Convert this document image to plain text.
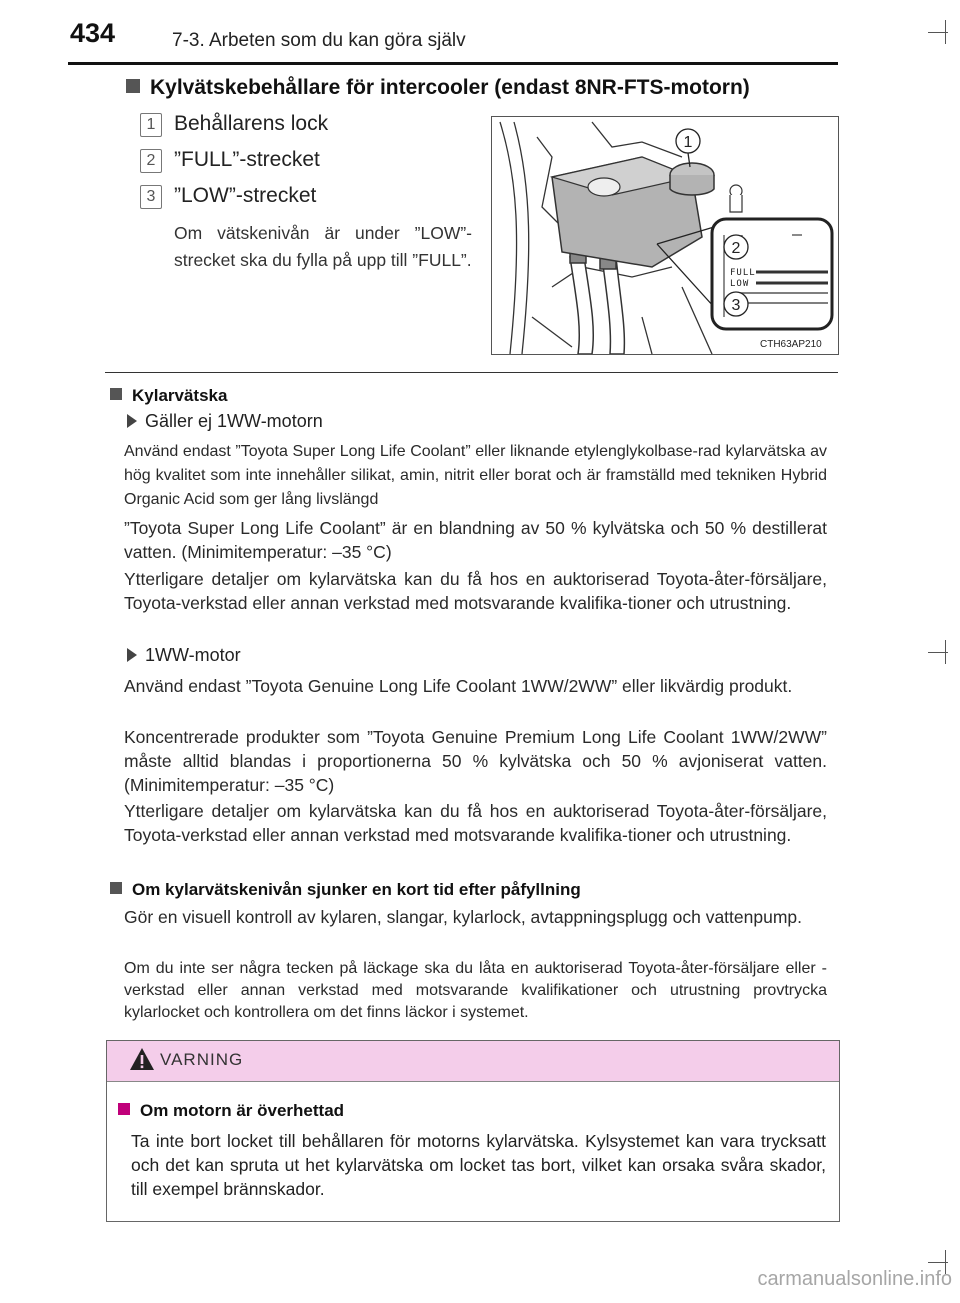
434	7-3. Arbeten som du kan göra själv
Kylvätskebehållare för intercooler (endast 8NR-FTS-motorn)
1 Behållarens lock
2 ”FULL”-strecket
3 ”LOW”-strecket
Om vätskenivån är under ”LOW”-strecket ska du fylla på upp till ”FULL”.
FULL
LOW
1
2
3
CTH63AP210
Kylarvätska
Gäller ej 1WW-motorn
Använd endast ”Toyota Super Long Life Coolant” eller liknande etylenglykolbase-rad kylarvätska av hög kvalitet som inte innehåller silikat, amin, nitrit eller borat och är framställd med tekniken Hybrid Organic Acid som ger lång livslängd
”Toyota Super Long Life Coolant” är en blandning av 50 % kylvätska och 50 % destillerat vatten. (Minimitemperatur: –35 °C)
Ytterligare detaljer om kylarvätska kan du få hos en auktoriserad Toyota-åter-försäljare, Toyota-verkstad eller annan verkstad med motsvarande kvalifika-tioner och utrustning.
1WW-motor
Använd endast ”Toyota Genuine Long Life Coolant 1WW/2WW” eller likvärdig produkt.
Koncentrerade produkter som ”Toyota Genuine Premium Long Life Coolant 1WW/2WW” måste alltid blandas i proportionerna 50 % kylvätska och 50 % avjoniserat vatten. (Minimitemperatur: –35 °C)
Ytterligare detaljer om kylarvätska kan du få hos en auktoriserad Toyota-åter-försäljare, Toyota-verkstad eller annan verkstad med motsvarande kvalifika-tioner och utrustning.
Om kylarvätskenivån sjunker en kort tid efter påfyllning
Gör en visuell kontroll av kylaren, slangar, kylarlock, avtappningsplugg och vattenpump.
Om du inte ser några tecken på läckage ska du låta en auktoriserad Toyota-åter-försäljare eller -verkstad eller annan verkstad med motsvarande kvalifikationer och utrustning provtrycka kylarlocket och kontrollera om det finns läckor i systemet.
VARNING
Om motorn är överhettad
Ta inte bort locket till behållaren för motorns kylarvätska. Kylsystemet kan vara trycksatt och det kan spruta ut het kylarvätska om locket tas bort, vilket kan orsaka svåra skador, till exempel brännskador.
carmanualsonline.info
